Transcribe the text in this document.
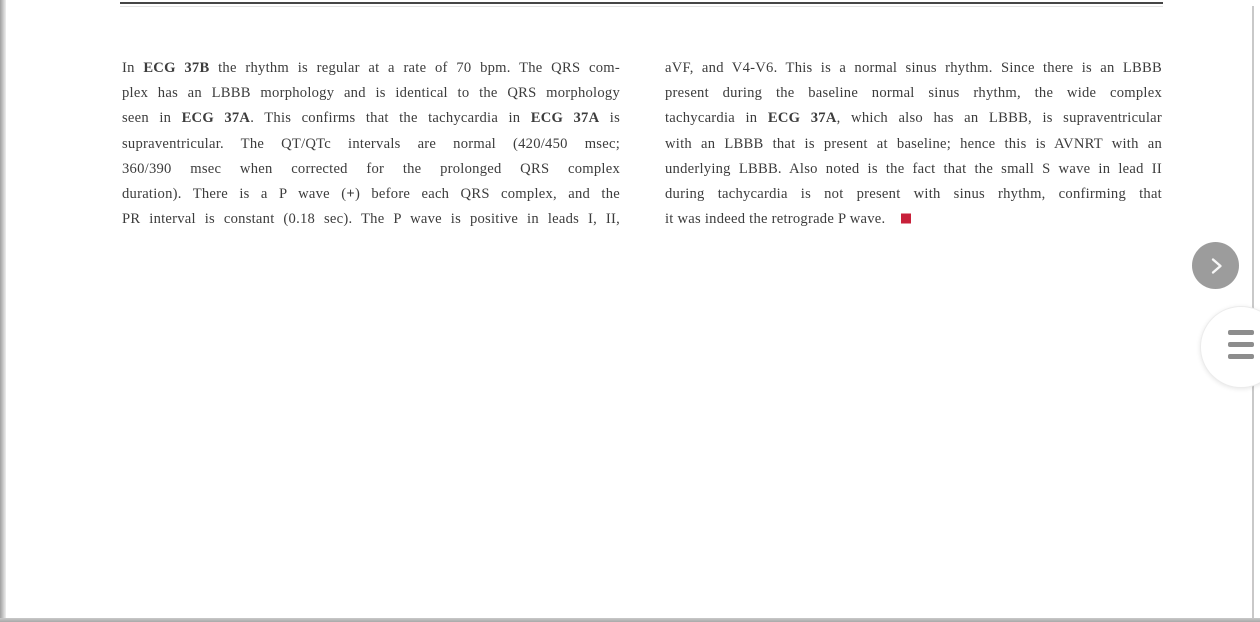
In ECG 37B the rhythm is regular at a rate of 70 bpm. The QRS com-
plex has an LBBB morphology and is identical to the QRS morphology
seen in ECG 37A. This confirms that the tachycardia in ECG 37A is
supraventricular. The QT/QTc intervals are normal (420/450 msec;
360/390 msec when corrected for the prolonged QRS complex
duration). There is a P wave (+) before each QRS complex, and the
PR interval is constant (0.18 sec). The P wave is positive in leads I, II,
aVF, and V4-V6. This is a normal sinus rhythm. Since there is an LBBB
present during the baseline normal sinus rhythm, the wide complex
tachycardia in ECG 37A, which also has an LBBB, is supraventricular
with an LBBB that is present at baseline; hence this is AVNRT with an
underlying LBBB. Also noted is the fact that the small S wave in lead II
during tachycardia is not present with sinus rhythm, confirming that
it was indeed the retrograde P wave.
